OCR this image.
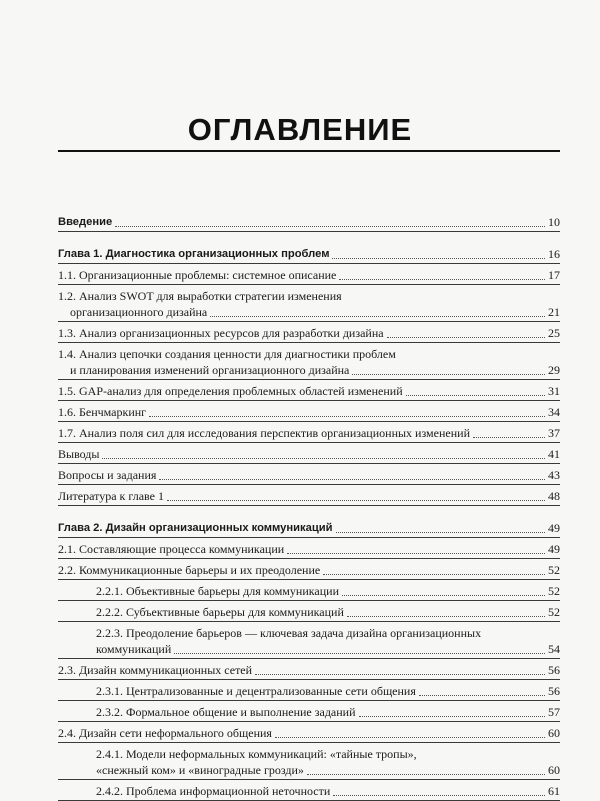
ОГЛАВЛЕНИЕ
Введение	10
Глава 1. Диагностика организационных проблем	16
1.1. Организационные проблемы: системное описание	17
1.2. Анализ SWOT для выработки стратегии изменения
организационного дизайна	21
1.3. Анализ организационных ресурсов для разработки дизайна	25
1.4. Анализ цепочки создания ценности для диагностики проблем
и планирования изменений организационного дизайна	29
1.5. GAP-анализ для определения проблемных областей изменений	31
1.6. Бенчмаркинг	34
1.7. Анализ поля сил для исследования перспектив организационных изменений	37
Выводы	41
Вопросы и задания	43
Литература к главе 1	48
Глава 2. Дизайн организационных коммуникаций	49
2.1. Составляющие процесса коммуникации	49
2.2. Коммуникационные барьеры и их преодоление	52
2.2.1. Объективные барьеры для коммуникации	52
2.2.2. Субъективные барьеры для коммуникаций	52
2.2.3. Преодоление барьеров — ключевая задача дизайна организационных
коммуникаций	54
2.3. Дизайн коммуникационных сетей	56
2.3.1. Централизованные и децентрализованные сети общения	56
2.3.2. Формальное общение и выполнение заданий	57
2.4. Дизайн сети неформального общения	60
2.4.1. Модели неформальных коммуникаций: «тайные тропы»,
«снежный ком» и «виноградные грозди»	60
2.4.2. Проблема информационной неточности	61
